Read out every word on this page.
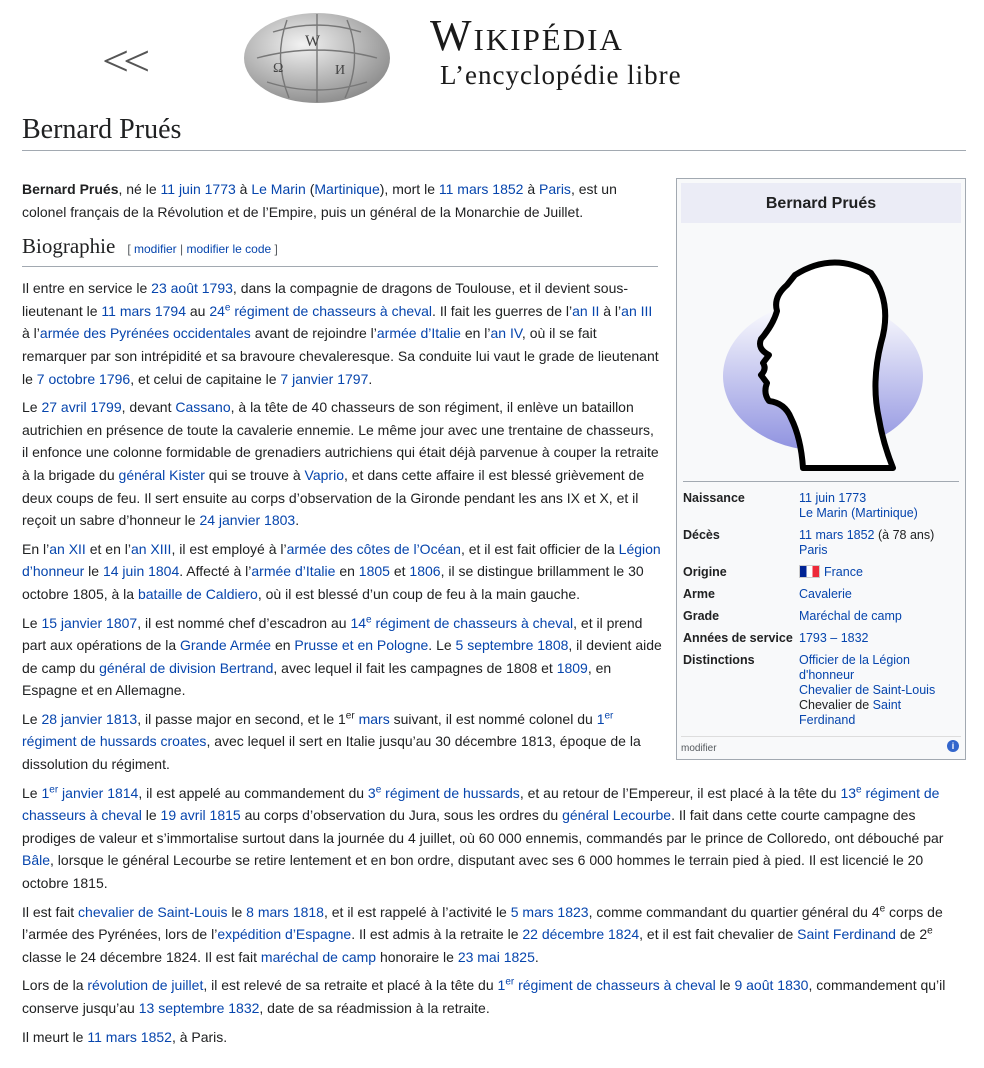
<<	W
Ω	И
Wikipédia
L’encyclopédie libre
Bernard Prués
Bernard Prués
Naissance	11 juin 1773
Le Marin (Martinique)
Décès	11 mars 1852 (à 78 ans)
Paris
Origine	France
Arme	Cavalerie
Grade	Maréchal de camp
Années de service	1793 – 1832
Distinctions	Officier de la Légion d'honneur
Chevalier de Saint-Louis
Chevalier de Saint Ferdinand
modifier	i

Bernard Prués, né le 11 juin 1773 à Le Marin (Martinique), mort le 11 mars 1852 à Paris, est un colonel français de la Révolution et de l’Empire, puis un général de la Monarchie de Juillet.

Biographie [ modifier | modifier le code ]

Il entre en service le 23 août 1793, dans la compagnie de dragons de Toulouse, et il devient sous-lieutenant le 11 mars 1794 au 24e régiment de chasseurs à cheval. Il fait les guerres de l’an II à l’an III à l’armée des Pyrénées occidentales avant de rejoindre l’armée d’Italie en l’an IV, où il se fait remarquer par son intrépidité et sa bravoure chevaleresque. Sa conduite lui vaut le grade de lieutenant le 7 octobre 1796, et celui de capitaine le 7 janvier 1797.

Le 27 avril 1799, devant Cassano, à la tête de 40 chasseurs de son régiment, il enlève un bataillon autrichien en présence de toute la cavalerie ennemie. Le même jour avec une trentaine de chasseurs, il enfonce une colonne formidable de grenadiers autrichiens qui était déjà parvenue à couper la retraite à la brigade du général Kister qui se trouve à Vaprio, et dans cette affaire il est blessé grièvement de deux coups de feu. Il sert ensuite au corps d’observation de la Gironde pendant les ans IX et X, et il reçoit un sabre d’honneur le 24 janvier 1803.

En l’an XII et en l’an XIII, il est employé à l’armée des côtes de l’Océan, et il est fait officier de la Légion d’honneur le 14 juin 1804. Affecté à l’armée d’Italie en 1805 et 1806, il se distingue brillamment le 30 octobre 1805, à la bataille de Caldiero, où il est blessé d’un coup de feu à la main gauche.

Le 15 janvier 1807, il est nommé chef d’escadron au 14e régiment de chasseurs à cheval, et il prend part aux opérations de la Grande Armée en Prusse et en Pologne. Le 5 septembre 1808, il devient aide de camp du général de division Bertrand, avec lequel il fait les campagnes de 1808 et 1809, en Espagne et en Allemagne.

Le 28 janvier 1813, il passe major en second, et le 1er mars suivant, il est nommé colonel du 1er régiment de hussards croates, avec lequel il sert en Italie jusqu’au 30 décembre 1813, époque de la dissolution du régiment.

Le 1er janvier 1814, il est appelé au commandement du 3e régiment de hussards, et au retour de l’Empereur, il est placé à la tête du 13e régiment de chasseurs à cheval le 19 avril 1815 au corps d’observation du Jura, sous les ordres du général Lecourbe. Il fait dans cette courte campagne des prodiges de valeur et s’immortalise surtout dans la journée du 4 juillet, où 60 000 ennemis, commandés par le prince de Colloredo, ont débouché par Bâle, lorsque le général Lecourbe se retire lentement et en bon ordre, disputant avec ses 6 000 hommes le terrain pied à pied. Il est licencié le 20 octobre 1815.

Il est fait chevalier de Saint-Louis le 8 mars 1818, et il est rappelé à l’activité le 5 mars 1823, comme commandant du quartier général du 4e corps de l’armée des Pyrénées, lors de l’expédition d’Espagne. Il est admis à la retraite le 22 décembre 1824, et il est fait chevalier de Saint Ferdinand de 2e classe le 24 décembre 1824. Il est fait maréchal de camp honoraire le 23 mai 1825.

Lors de la révolution de juillet, il est relevé de sa retraite et placé à la tête du 1er régiment de chasseurs à cheval le 9 août 1830, commandement qu’il conserve jusqu’au 13 septembre 1832, date de sa réadmission à la retraite.

Il meurt le 11 mars 1852, à Paris.
